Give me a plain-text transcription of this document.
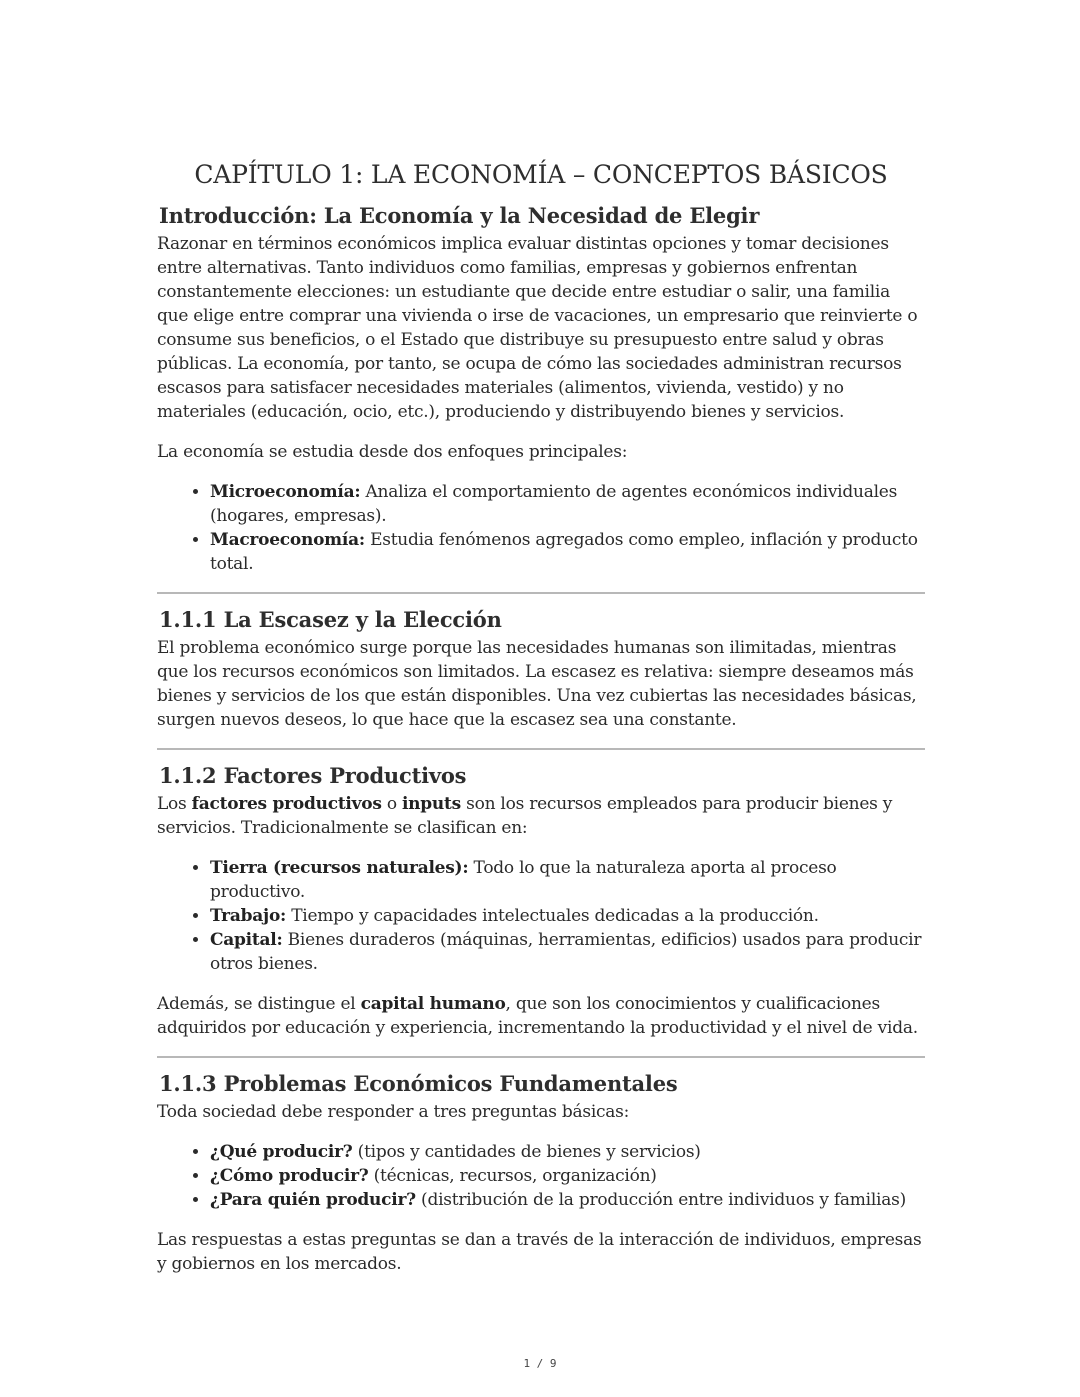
CAPÍTULO 1: LA ECONOMÍA – CONCEPTOS BÁSICOS
Introducción: La Economía y la Necesidad de Elegir

Razonar en términos económicos implica evaluar distintas opciones y tomar decisiones entre alternativas. Tanto individuos como familias, empresas y gobiernos enfrentan constantemente elecciones: un estudiante que decide entre estudiar o salir, una familia que elige entre comprar una vivienda o irse de vacaciones, un empresario que reinvierte o consume sus beneficios, o el Estado que distribuye su presupuesto entre salud y obras públicas. La economía, por tanto, se ocupa de cómo las sociedades administran recursos escasos para satisfacer necesidades materiales (alimentos, vivienda, vestido) y no materiales (educación, ocio, etc.), produciendo y distribuyendo bienes y servicios.

La economía se estudia desde dos enfoques principales:

• Microeconomía: Analiza el comportamiento de agentes económicos individuales (hogares, empresas).
• Macroeconomía: Estudia fenómenos agregados como empleo, inflación y producto total.
1.1.1 La Escasez y la Elección

El problema económico surge porque las necesidades humanas son ilimitadas, mientras que los recursos económicos son limitados. La escasez es relativa: siempre deseamos más bienes y servicios de los que están disponibles. Una vez cubiertas las necesidades básicas, surgen nuevos deseos, lo que hace que la escasez sea una constante.

1.1.2 Factores Productivos

Los factores productivos o inputs son los recursos empleados para producir bienes y servicios. Tradicionalmente se clasifican en:

• Tierra (recursos naturales): Todo lo que la naturaleza aporta al proceso productivo.
• Trabajo: Tiempo y capacidades intelectuales dedicadas a la producción.
• Capital: Bienes duraderos (máquinas, herramientas, edificios) usados para producir otros bienes.

Además, se distingue el capital humano, que son los conocimientos y cualificaciones adquiridos por educación y experiencia, incrementando la productividad y el nivel de vida.

1.1.3 Problemas Económicos Fundamentales

Toda sociedad debe responder a tres preguntas básicas:

• ¿Qué producir? (tipos y cantidades de bienes y servicios)
• ¿Cómo producir? (técnicas, recursos, organización)
• ¿Para quién producir? (distribución de la producción entre individuos y familias)

Las respuestas a estas preguntas se dan a través de la interacción de individuos, empresas y gobiernos en los mercados.

1 / 9
